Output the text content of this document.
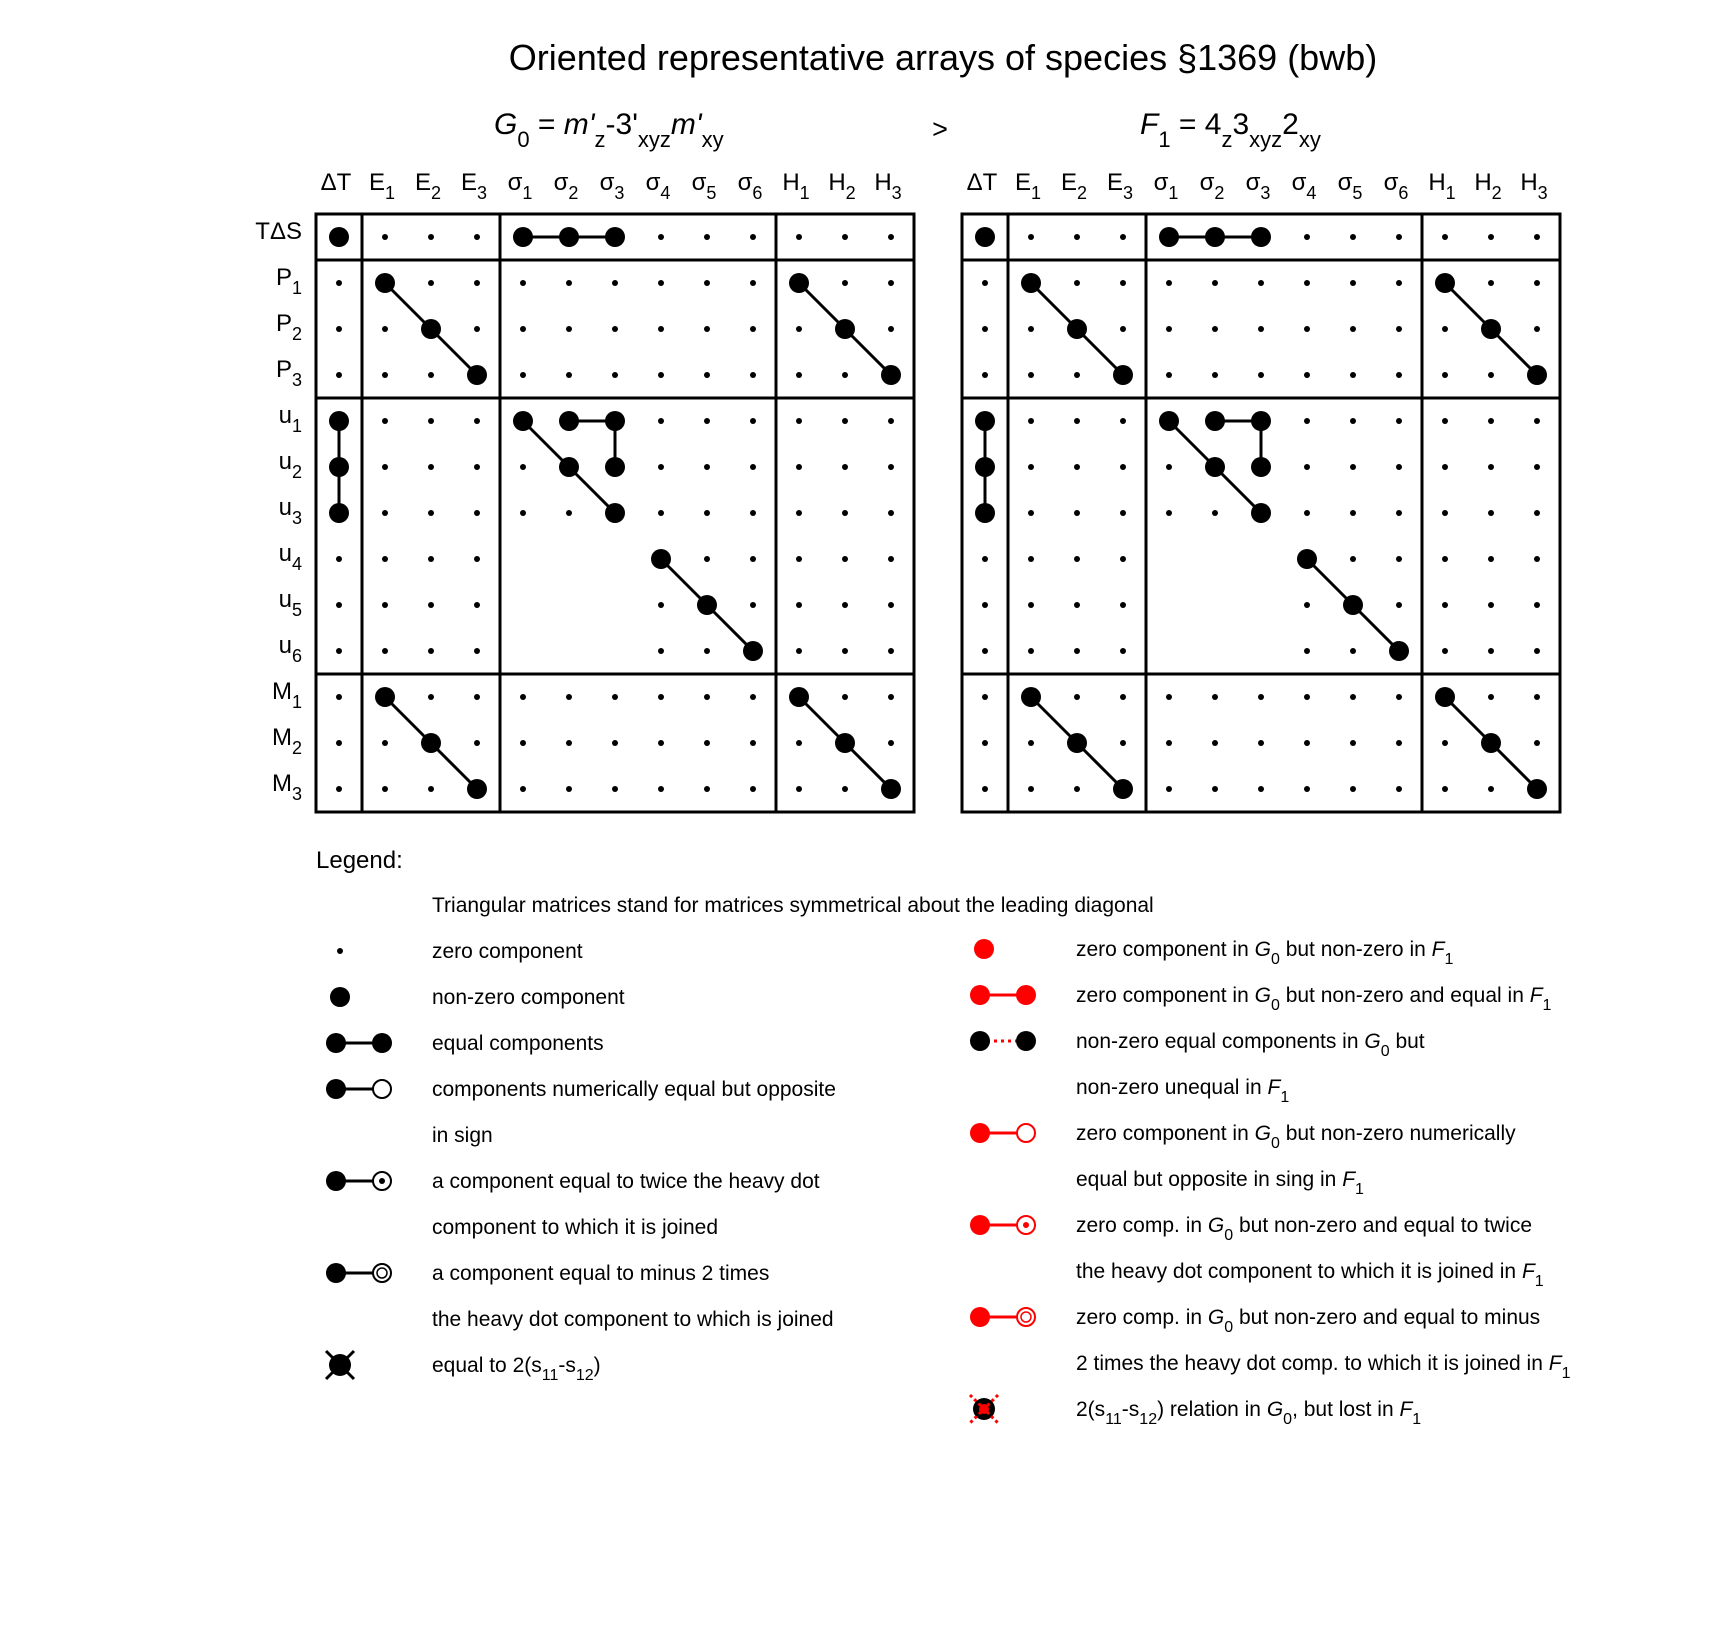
Oriented representative arrays of species §1369 (bwb)
>
$G_0 = m'_z-3'_{xyz}m'_{xy}$
ΔT $E_1$ $E_2$ $E_3$ $\sigma_1$ $\sigma_2$ $\sigma_3$ $\sigma_4$ $\sigma_5$ $\sigma_6$ $H_1$ $H_2$ $H_3$
TΔS
$P_1$
$P_2$
$P_3$
$u_1$
$u_2$
$u_3$
$u_4$
$u_5$
$u_6$
$M_1$
$M_2$
$M_3$
$F_1 = 4_z3_{xyz}2_{xy}$
ΔT $E_1$ $E_2$ $E_3$ $\sigma_1$ $\sigma_2$ $\sigma_3$ $\sigma_4$ $\sigma_5$ $\sigma_6$ $H_1$ $H_2$ $H_3$
Legend:
Triangular matrices stand for matrices symmetrical about the leading diagonal
zero component
non-zero component
equal components
components numerically equal but opposite
in sign
a component equal to twice the heavy dot
component to which it is joined
a component equal to minus 2 times
the heavy dot component to which is joined
equal to $2(s_{11}-s_{12})$
zero component in $G_0$ but non-zero in $F_1$
zero component in $G_0$ but non-zero and equal in $F_1$
non-zero equal components in $G_0$ but
non-zero unequal in $F_1$
zero component in $G_0$ but non-zero numerically
equal but opposite in sing in $F_1$
zero comp. in $G_0$ but non-zero and equal to twice
the heavy dot component to which it is joined in $F_1$
zero comp. in $G_0$ but non-zero and equal to minus
2 times the heavy dot comp. to which it is joined in $F_1$
$2(s_{11}-s_{12})$ relation in $G_0$, but lost in $F_1$
